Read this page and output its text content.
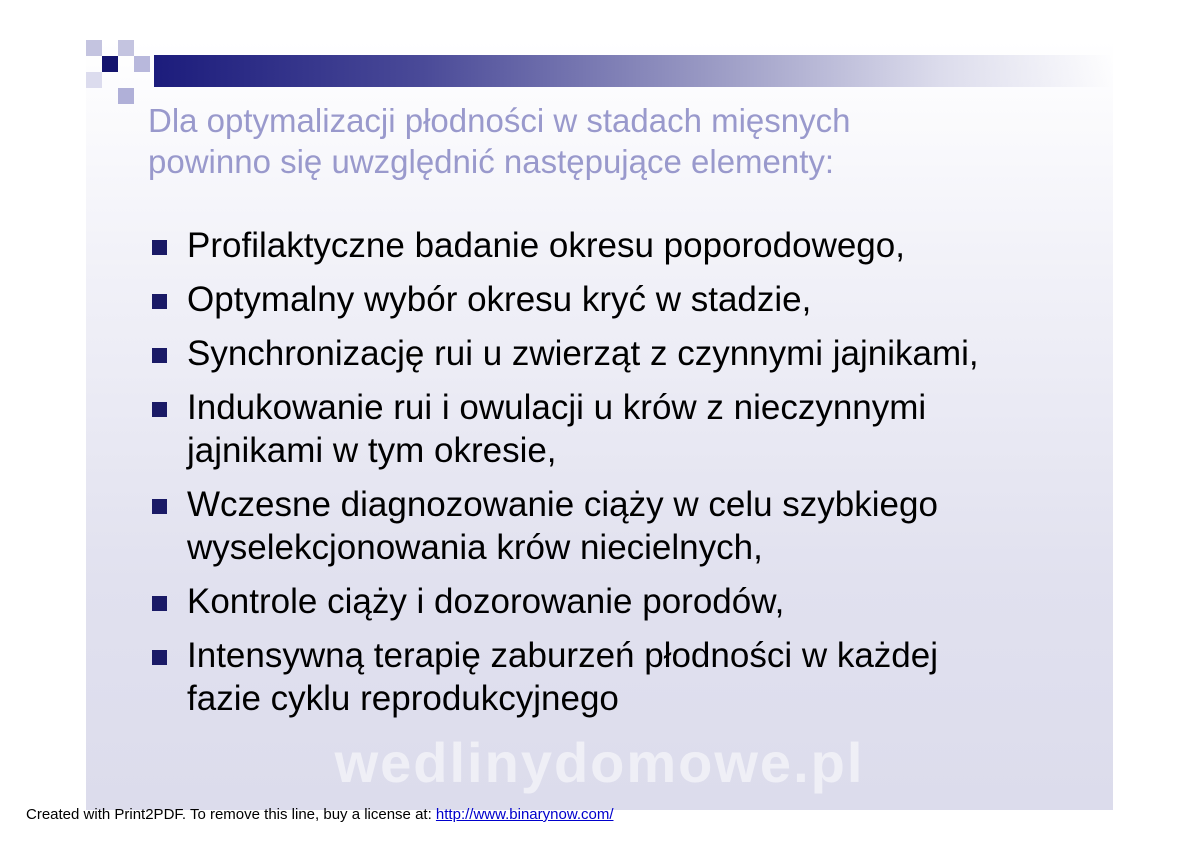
Dla optymalizacji płodności w stadach mięsnych
powinno się uwzględnić następujące elementy:
Profilaktyczne badanie okresu poporodowego,
Optymalny wybór okresu kryć w stadzie,
Synchronizację rui u zwierząt z czynnymi jajnikami,
Indukowanie rui i owulacji u krów z nieczynnymi
jajnikami w tym okresie,
Wczesne diagnozowanie ciąży w celu szybkiego
wyselekcjonowania krów niecielnych,
Kontrole ciąży i dozorowanie porodów,
Intensywną terapię zaburzeń płodności w każdej
fazie cyklu reprodukcyjnego
wedlinydomowe.pl
Created with Print2PDF. To remove this line, buy a license at: http://www.binarynow.com/
